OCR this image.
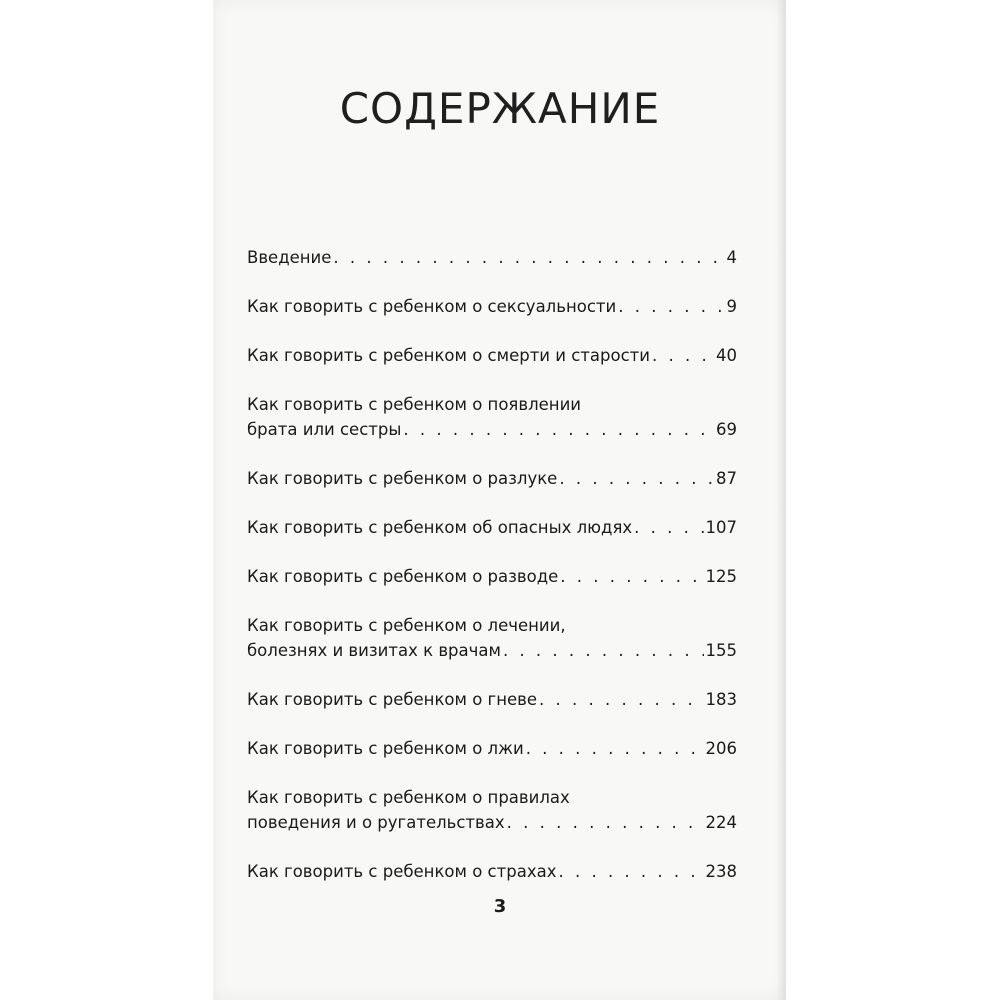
СОДЕРЖАНИЕ
Введение . . .	4
Как говорить с ребенком о сексуальности . . .	9
Как говорить с ребенком о смерти и старости . . .	40
Как говорить с ребенком о появлении
брата или сестры . . .	69
Как говорить с ребенком о разлуке . . .	87
Как говорить с ребенком об опасных людях . . .	107
Как говорить с ребенком о разводе . . .	125
Как говорить с ребенком о лечении,
болезнях и визитах к врачам . . .	155
Как говорить с ребенком о гневе . . .	183
Как говорить с ребенком о лжи . . .	206
Как говорить с ребенком о правилах
поведения и о ругательствах . . .	224
Как говорить с ребенком о страхах . . .	238
3
